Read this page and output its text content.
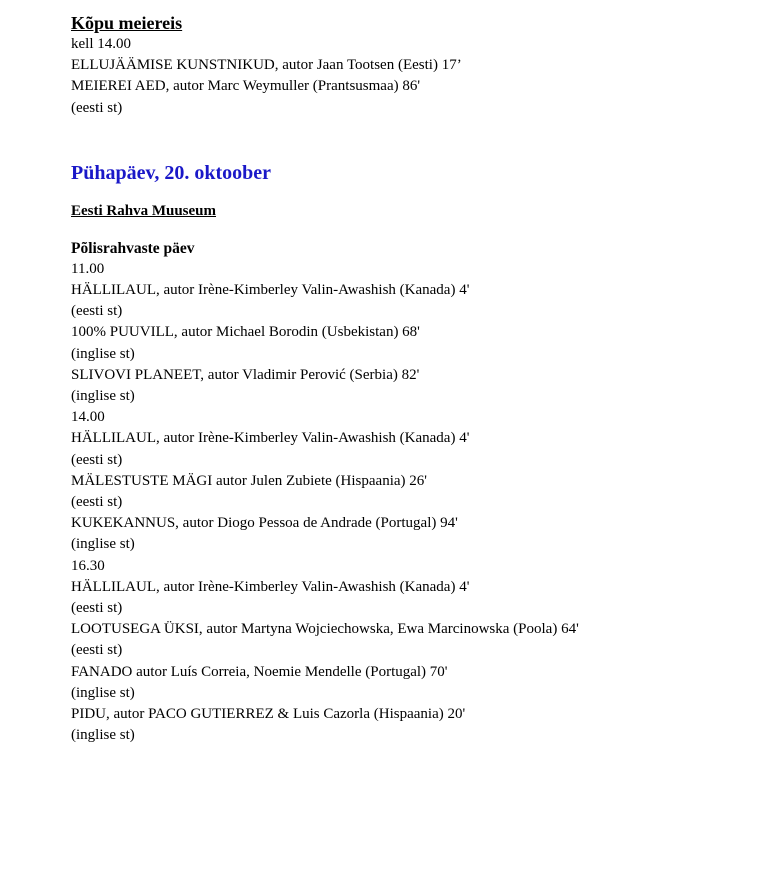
Kõpu meiereis

kell 14.00

ELLUJÄÄMISE KUNSTNIKUD, autor Jaan Tootsen (Eesti) 17’

MEIEREI AED, autor Marc Weymuller (Prantsusmaa) 86'

(eesti st)

Pühapäev, 20. oktoober
Eesti Rahva Muuseum
Põlisrahvaste päev

11.00

HÄLLILAUL, autor Irène-Kimberley Valin-Awashish (Kanada) 4'

(eesti st)

100% PUUVILL, autor Michael Borodin (Usbekistan) 68'

(inglise st)

SLIVOVI PLANEET, autor Vladimir Perović (Serbia) 82'

(inglise st)

14.00

HÄLLILAUL, autor Irène-Kimberley Valin-Awashish (Kanada) 4'

(eesti st)

MÄLESTUSTE MÄGI autor Julen Zubiete (Hispaania) 26'

(eesti st)

KUKEKANNUS, autor Diogo Pessoa de Andrade (Portugal) 94'

(inglise st)

16.30

HÄLLILAUL, autor Irène-Kimberley Valin-Awashish (Kanada) 4'

(eesti st)

LOOTUSEGA ÜKSI, autor Martyna Wojciechowska, Ewa Marcinowska (Poola) 64'

(eesti st)

FANADO autor Luís Correia, Noemie Mendelle (Portugal) 70'

(inglise st)

PIDU, autor PACO GUTIERREZ & Luis Cazorla (Hispaania) 20'

(inglise st)
